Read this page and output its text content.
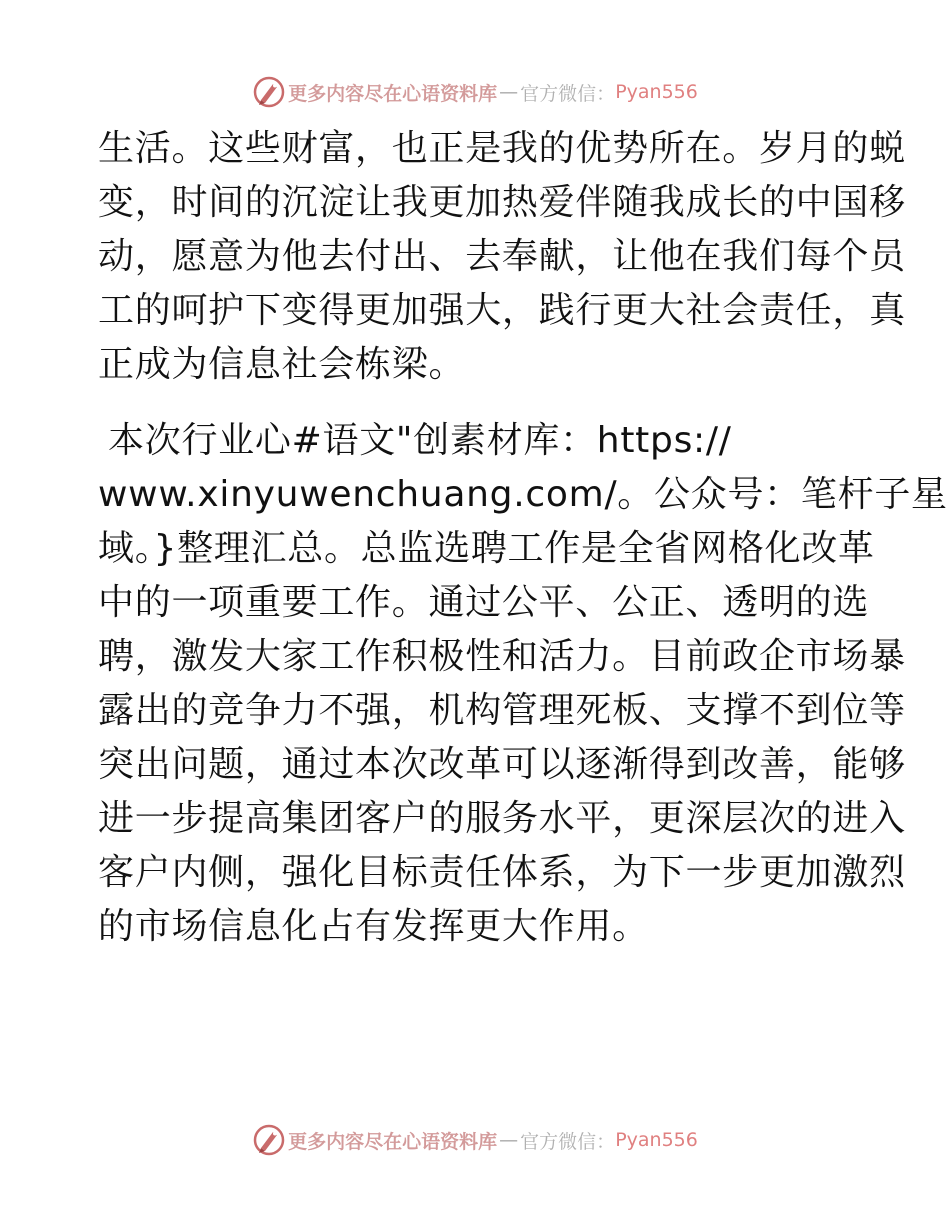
更多内容尽在心语资料库 — 官方微信： Pyan556
生活。这些财富，也正是我的优势所在。岁月的蜕
变，时间的沉淀让我更加热爱伴随我成长的中国移
动，愿意为他去付出、去奉献，让他在我们每个员
工的呵护下变得更加强大，践行更大社会责任，真
正成为信息社会栋梁。
本次行业心#语文"创素材库：https://
www.xinyuwenchuang.com/。公众号：笔杆子星
域。}整理汇总。总监选聘工作是全省网格化改革
中的一项重要工作。通过公平、公正、透明的选
聘，激发大家工作积极性和活力。目前政企市场暴
露出的竞争力不强，机构管理死板、支撑不到位等
突出问题，通过本次改革可以逐渐得到改善，能够
进一步提高集团客户的服务水平，更深层次的进入
客户内侧，强化目标责任体系，为下一步更加激烈
的市场信息化占有发挥更大作用。
更多内容尽在心语资料库 — 官方微信： Pyan556
